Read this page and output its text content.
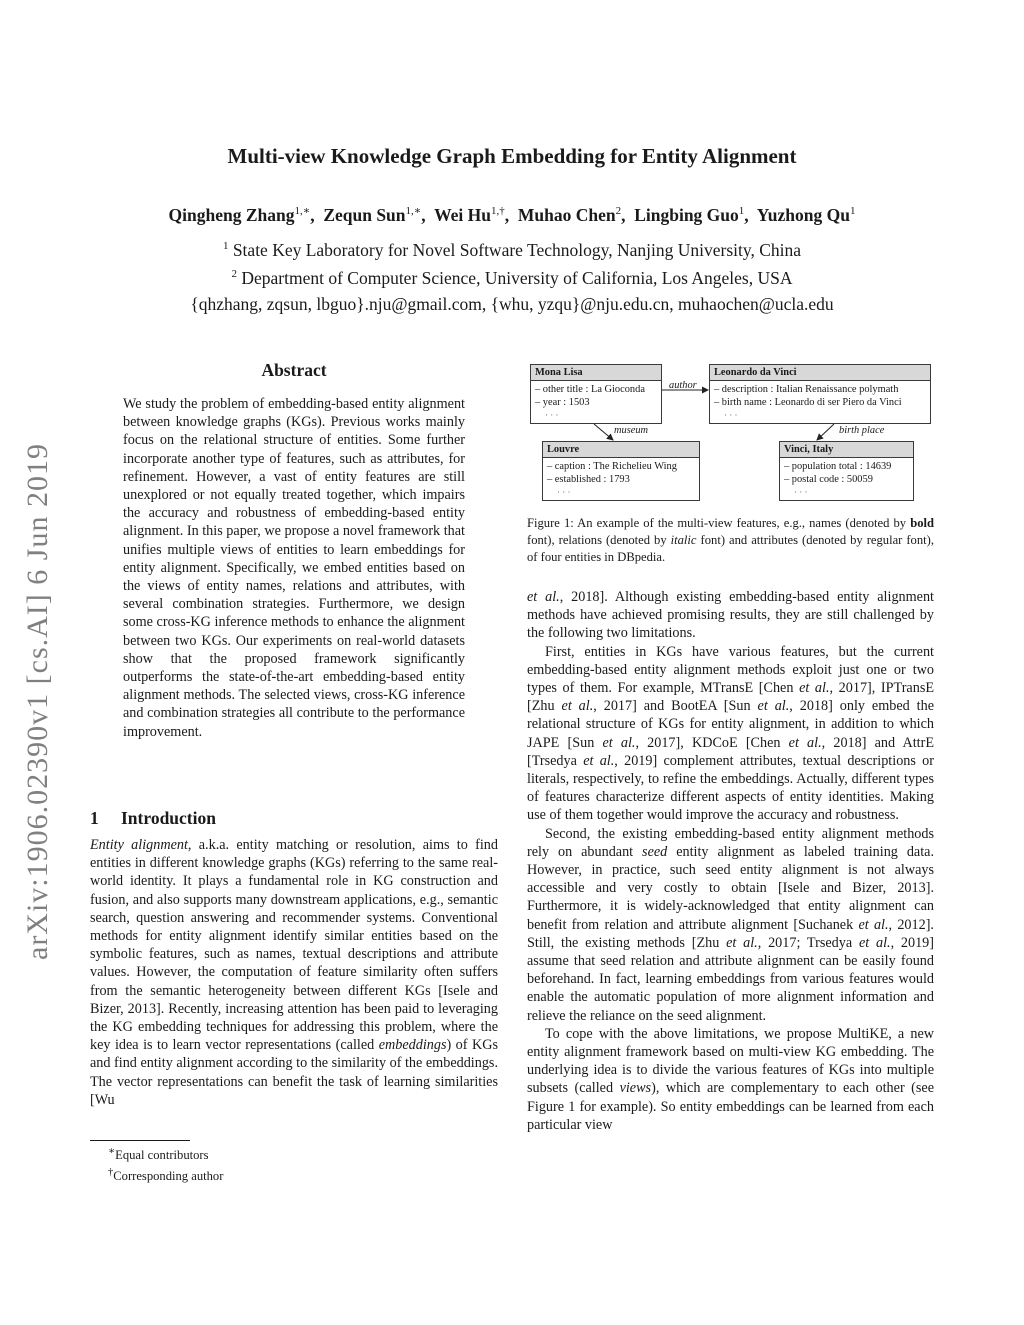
arXiv:1906.02390v1 [cs.AI] 6 Jun 2019
Multi-view Knowledge Graph Embedding for Entity Alignment
Qingheng Zhang$^{1,∗}$,  Zequn Sun$^{1,∗}$,  Wei $Hu^{1,\dagger}$,  Muhao Chen$^2$,  Lingbing Guo$^1$,  Yuzhong Qu$^1$
$^1$ State Key Laboratory for Novel Software Technology, Nanjing University, China
$^2$ Department of Computer Science, University of California, Los Angeles, USA
{qhzhang, zqsun, lbguo}.nju@gmail.com, {whu, yzqu}@nju.edu.cn, muhaochen@ucla.edu
Abstract
We study the problem of embedding-based entity alignment between knowledge graphs (KGs). Previous works mainly focus on the relational structure of entities. Some further incorporate another type of features, such as attributes, for refinement. However, a vast of entity features are still unexplored or not equally treated together, which impairs the accuracy and robustness of embedding-based entity alignment. In this paper, we propose a novel framework that unifies multiple views of entities to learn embeddings for entity alignment. Specifically, we embed entities based on the views of entity names, relations and attributes, with several combination strategies. Furthermore, we design some cross-KG inference methods to enhance the alignment between two KGs. Our experiments on real-world datasets show that the proposed framework significantly outperforms the state-of-the-art embedding-based entity alignment methods. The selected views, cross-KG inference and combination strategies all contribute to the performance improvement.
1 Introduction
Entity alignment, a.k.a. entity matching or resolution, aims to find entities in different knowledge graphs (KGs) referring to the same real-world identity. It plays a fundamental role in KG construction and fusion, and also supports many downstream applications, e.g., semantic search, question answering and recommender systems. Conventional methods for entity alignment identify similar entities based on the symbolic features, such as names, textual descriptions and attribute values. However, the computation of feature similarity often suffers from the semantic heterogeneity between different KGs [Isele and Bizer, 2013]. Recently, increasing attention has been paid to leveraging the KG embedding techniques for addressing this problem, where the key idea is to learn vector representations (called embeddings) of KGs and find entity alignment according to the similarity of the embeddings. The vector representations can benefit the task of learning similarities [Wu
∗Equal contributors
†Corresponding author
Mona Lisa
– other title : La Gioconda
– year : 1503
· · ·
Leonardo da Vinci
– description : Italian Renaissance polymath
– birth name : Leonardo di ser Piero da Vinci
· · ·
Louvre
– caption : The Richelieu Wing
– established : 1793
· · ·
Vinci, Italy
– population total : 14639
– postal code : 50059
· · ·
author
museum	birth place
Figure 1: An example of the multi-view features, e.g., names (denoted by bold font), relations (denoted by italic font) and attributes (denoted by regular font), of four entities in DBpedia.

et al., 2018]. Although existing embedding-based entity alignment methods have achieved promising results, they are still challenged by the following two limitations.

First, entities in KGs have various features, but the current embedding-based entity alignment methods exploit just one or two types of them. For example, MTransE [Chen et al., 2017], IPTransE [Zhu et al., 2017] and BootEA [Sun et al., 2018] only embed the relational structure of KGs for entity alignment, in addition to which JAPE [Sun et al., 2017], KDCoE [Chen et al., 2018] and AttrE [Trsedya et al., 2019] complement attributes, textual descriptions or literals, respectively, to refine the embeddings. Actually, different types of features characterize different aspects of entity identities. Making use of them together would improve the accuracy and robustness.

Second, the existing embedding-based entity alignment methods rely on abundant seed entity alignment as labeled training data. However, in practice, such seed entity alignment is not always accessible and very costly to obtain [Isele and Bizer, 2013]. Furthermore, it is widely-acknowledged that entity alignment can benefit from relation and attribute alignment [Suchanek et al., 2012]. Still, the existing methods [Zhu et al., 2017; Trsedya et al., 2019] assume that seed relation and attribute alignment can be easily found beforehand. In fact, learning embeddings from various features would enable the automatic population of more alignment information and relieve the reliance on the seed alignment.

To cope with the above limitations, we propose MultiKE, a new entity alignment framework based on multi-view KG embedding. The underlying idea is to divide the various features of KGs into multiple subsets (called views), which are complementary to each other (see Figure 1 for example). So entity embeddings can be learned from each particular view
